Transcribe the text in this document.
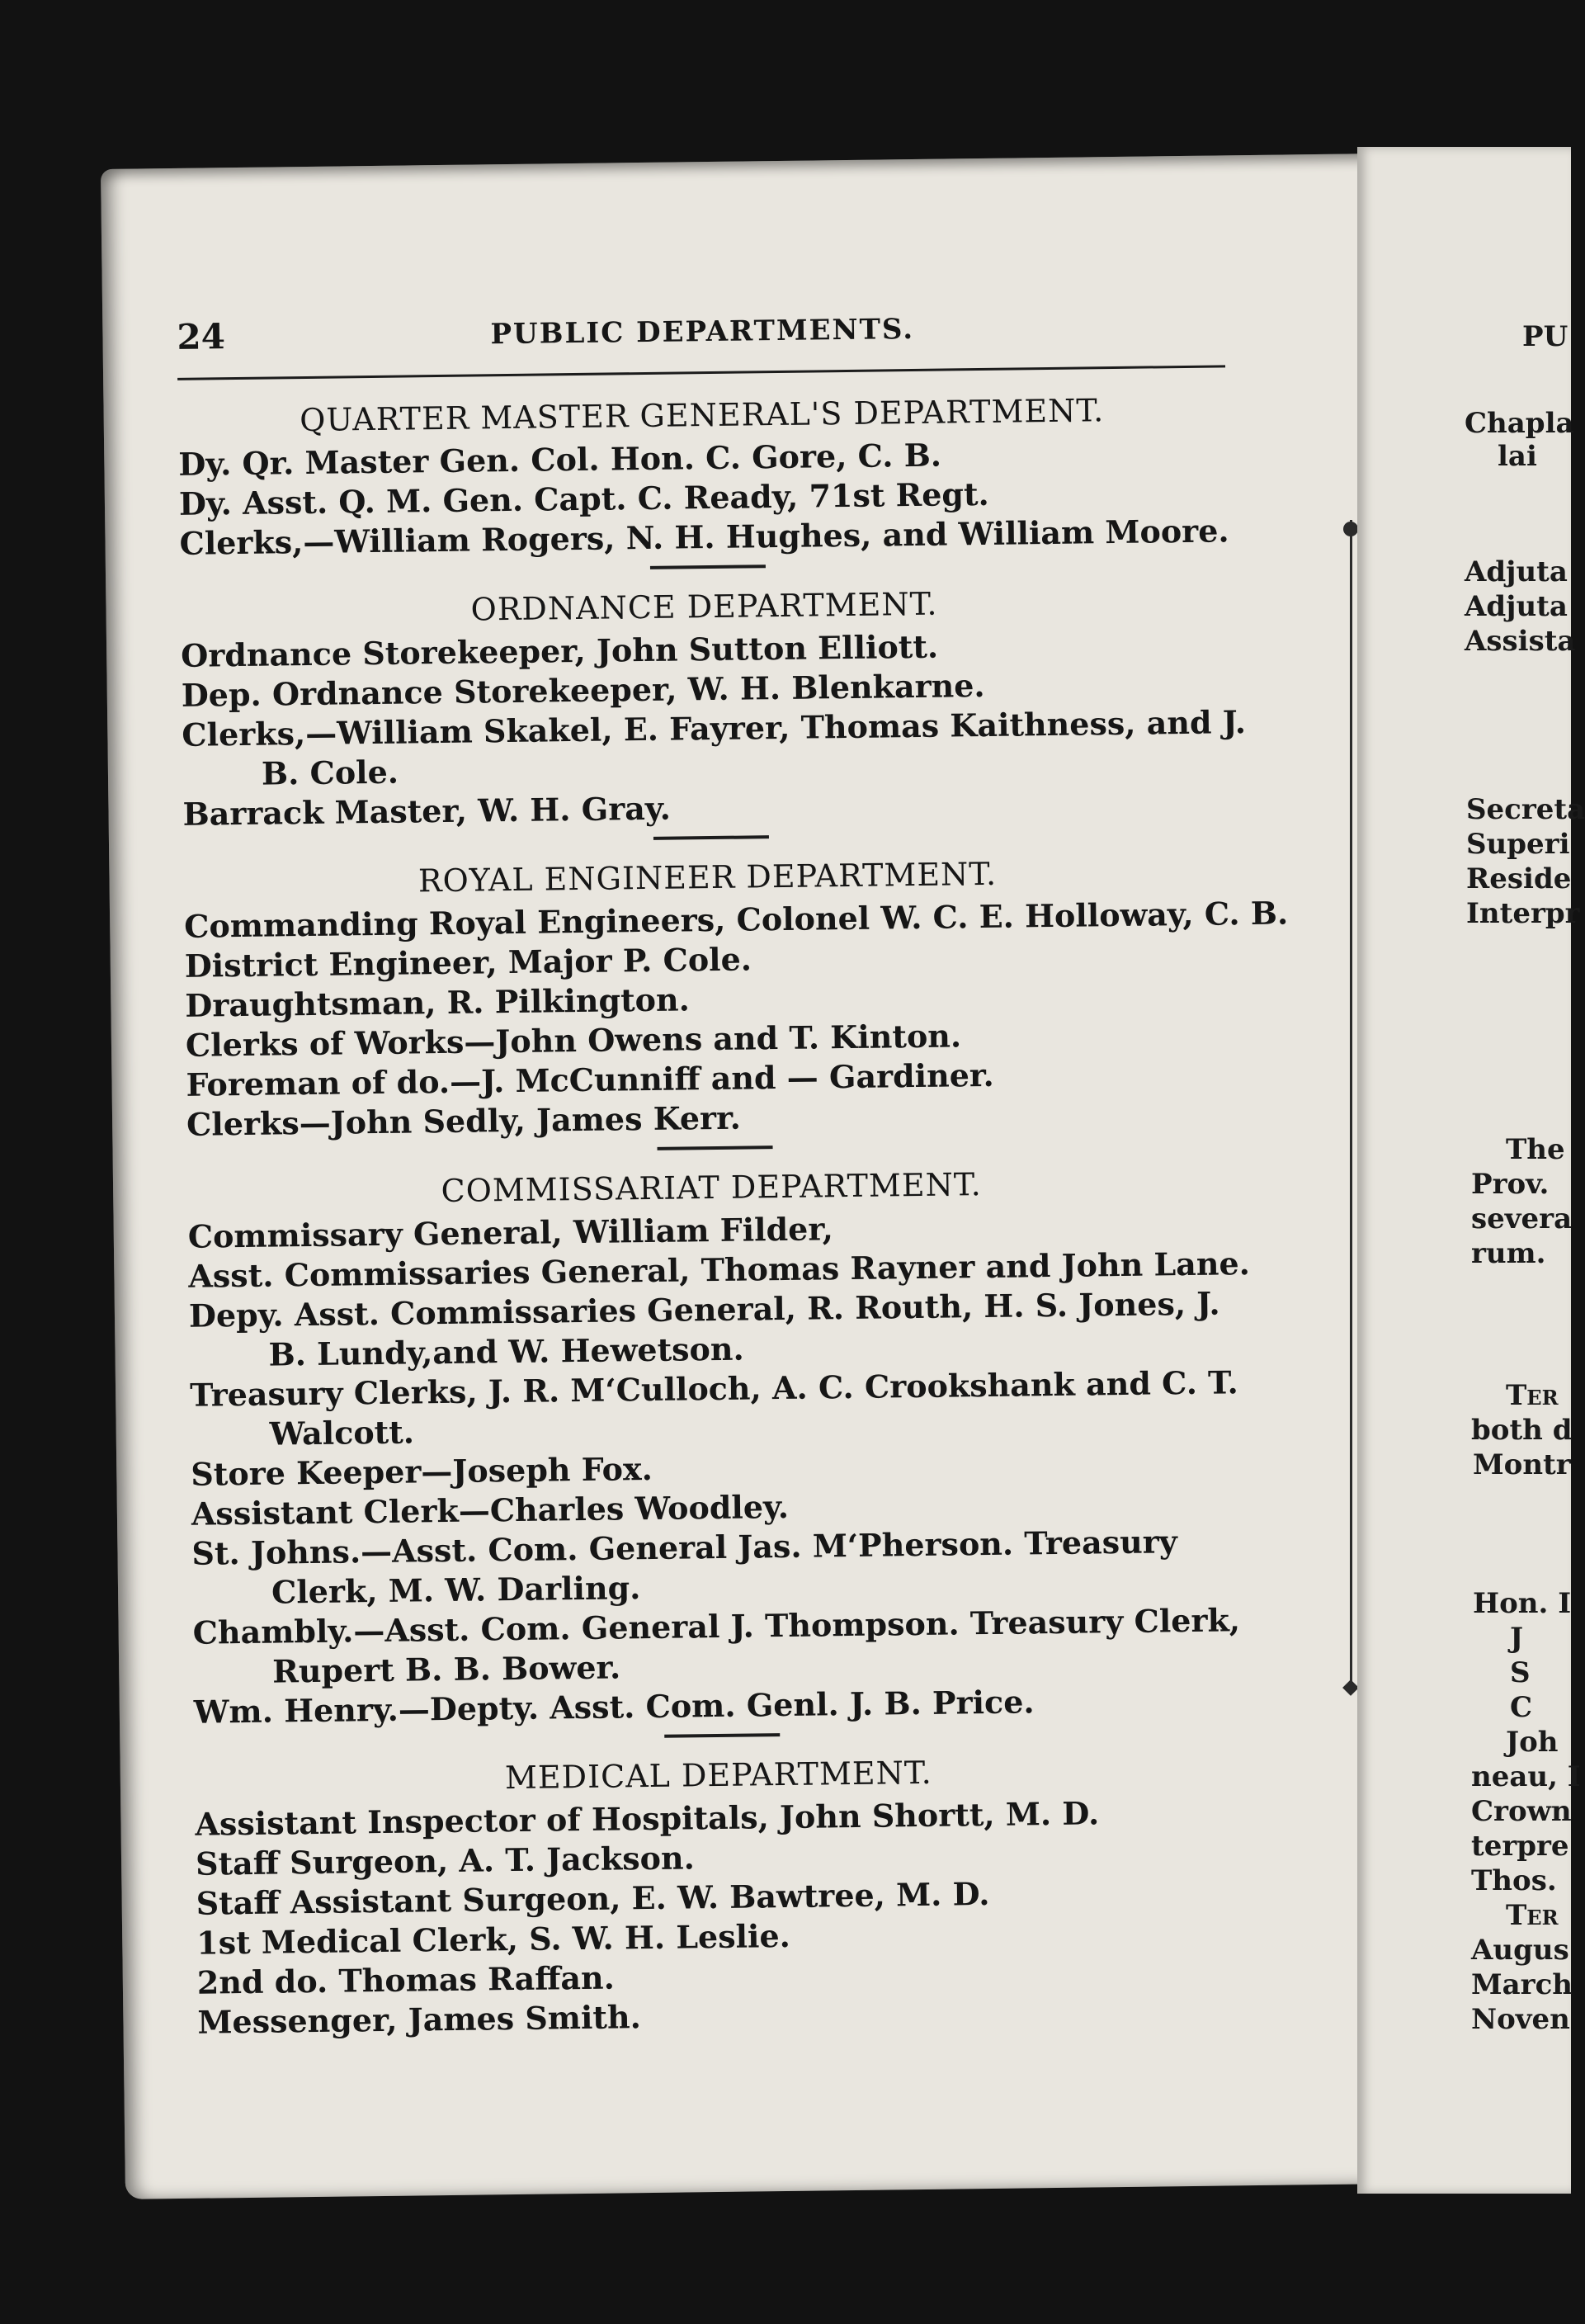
24	PUBLIC DEPARTMENTS.
QUARTER MASTER GENERAL'S DEPARTMENT.
Dy. Qr. Master Gen. Col. Hon. C. Gore, C. B.
Dy. Asst. Q. M. Gen. Capt. C. Ready, 71st Regt.
Clerks,—William Rogers, N. H. Hughes, and William Moore.
ORDNANCE DEPARTMENT.
Ordnance Storekeeper, John Sutton Elliott.
Dep. Ordnance Storekeeper, W. H. Blenkarne.
Clerks,—William Skakel, E. Fayrer, Thomas Kaithness, and J.
B. Cole.
Barrack Master, W. H. Gray.
ROYAL ENGINEER DEPARTMENT.
Commanding Royal Engineers, Colonel W. C. E. Holloway, C. B.
District Engineer, Major P. Cole.
Draughtsman, R. Pilkington.
Clerks of Works—John Owens and T. Kinton.
Foreman of do.—J. McCunniff and — Gardiner.
Clerks—John Sedly, James Kerr.
COMMISSARIAT DEPARTMENT.
Commissary General, William Filder,
Asst. Commissaries General, Thomas Rayner and John Lane.
Depy. Asst. Commissaries General, R. Routh, H. S. Jones, J.
B. Lundy,and W. Hewetson.
Treasury Clerks, J. R. M‘Culloch, A. C. Crookshank and C. T.
Walcott.
Store Keeper—Joseph Fox.
Assistant Clerk—Charles Woodley.
St. Johns.—Asst. Com. General Jas. M‘Pherson. Treasury
Clerk, M. W. Darling.
Chambly.—Asst. Com. General J. Thompson. Treasury Clerk,
Rupert B. B. Bower.
Wm. Henry.—Depty. Asst. Com. Genl. J. B. Price.
MEDICAL DEPARTMENT.
Assistant Inspector of Hospitals, John Shortt, M. D.
Staff Surgeon, A. T. Jackson.
Staff Assistant Surgeon, E. W. Bawtree, M. D.
1st Medical Clerk, S. W. H. Leslie.
2nd do. Thomas Raffan.
Messenger, James Smith.
PU
Chapla
lai
Adjuta
Adjuta
Assista
Secreta
Superi
Reside
Interpr
The
Prov.
severa
rum.
Ter
both d
Montr
Hon. I
J
S
C
Joh
neau, I
Crown
terpre
Thos.
Ter
Augus
March
Noven
